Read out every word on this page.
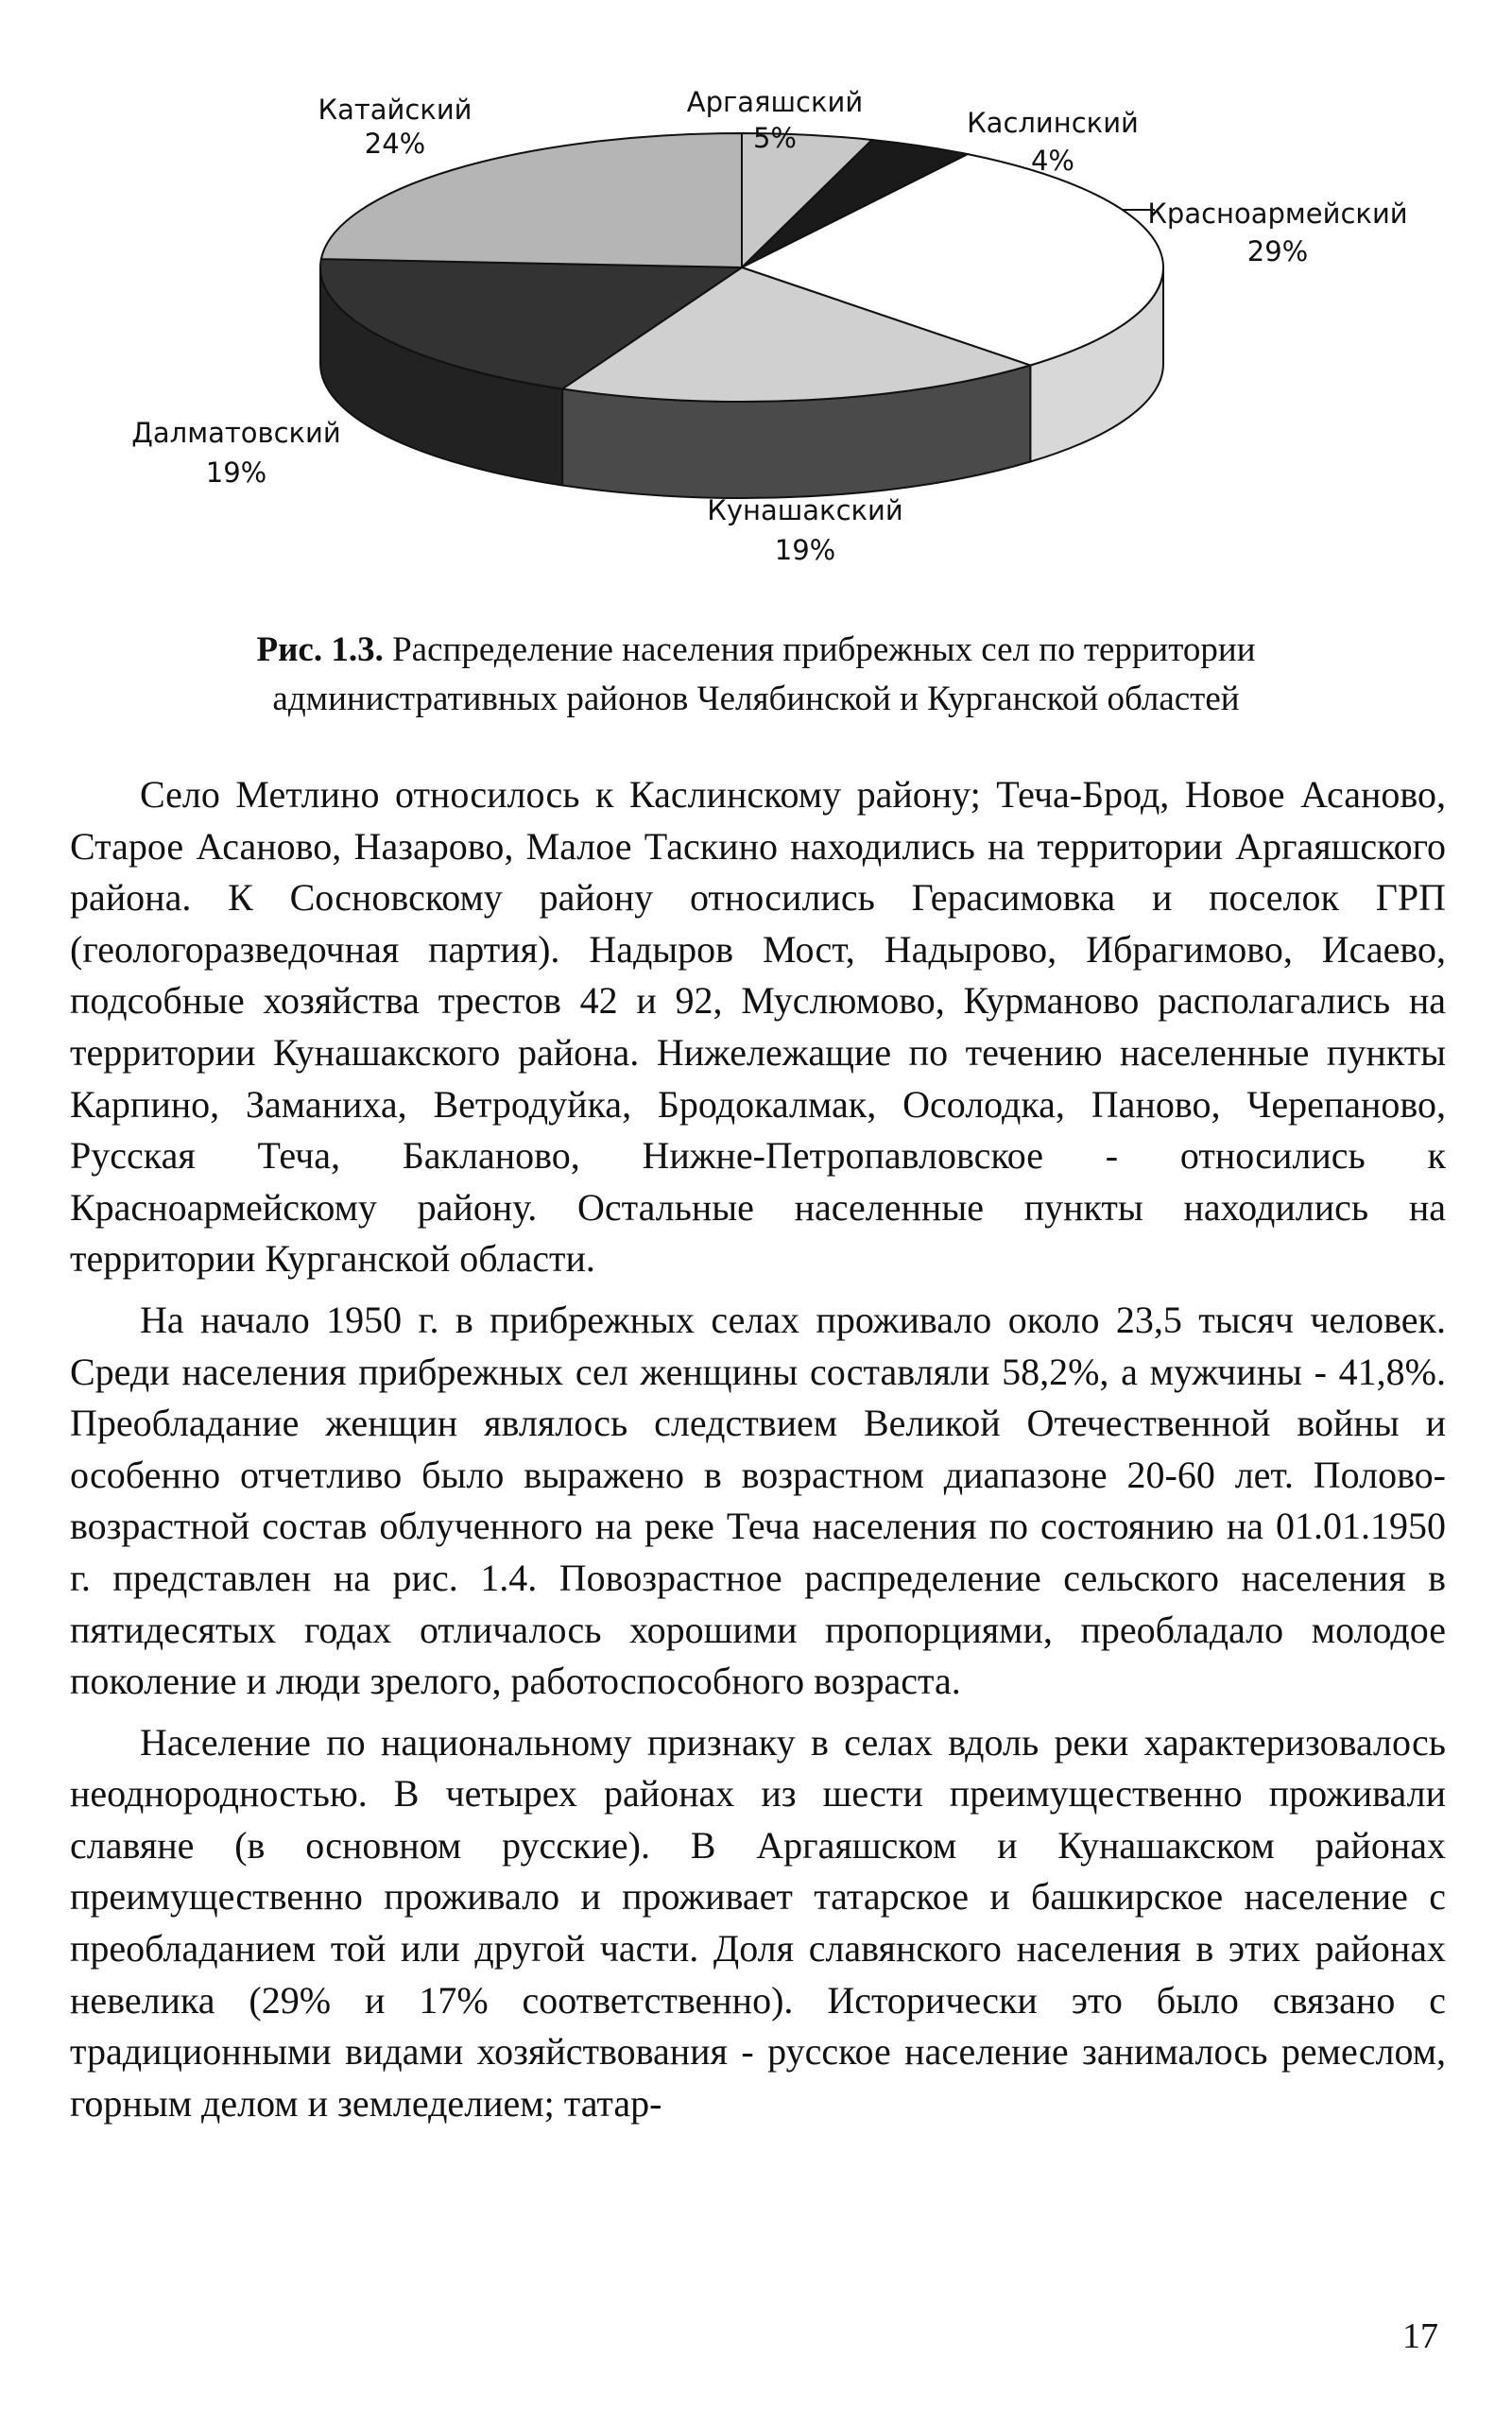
Катайский
24%
Аргаяшский
5%	Каслинский
4%
Красноармейский
29%
Далматовский
19%
Кунашакский
19%
Рис. 1.3. Распределение населения прибрежных сел по территории административных районов Челябинской и Курганской областей

Село Метлино относилось к Каслинскому району; Теча-Брод, Новое Асаново, Старое Асаново, Назарово, Малое Таскино находились на территории Аргаяшского района. К Сосновскому району относились Герасимовка и поселок ГРП (геологоразведочная партия). Надыров Мост, Надырово, Ибрагимово, Исаево, подсобные хозяйства трестов 42 и 92, Муслюмово, Курманово располагались на территории Кунашакского района. Нижележащие по течению населенные пункты Карпино, Заманиха, Ветродуйка, Бродокалмак, Осолодка, Паново, Черепаново, Русская Теча, Бакланово, Нижне-Петропавловское - относились к Красноармейскому району. Остальные населенные пункты находились на территории Курганской области.

На начало 1950 г. в прибрежных селах проживало около 23,5 тысяч человек. Среди населения прибрежных сел женщины составляли 58,2%, а мужчины - 41,8%. Преобладание женщин являлось следствием Великой Отечественной войны и особенно отчетливо было выражено в возрастном диапазоне 20-60 лет. Полово-возрастной состав облученного на реке Теча населения по состоянию на 01.01.1950 г. представлен на рис. 1.4. Повозрастное распределение сельского населения в пятидесятых годах отличалось хорошими пропорциями, преобладало молодое поколение и люди зрелого, работоспособного возраста.

Население по национальному признаку в селах вдоль реки характеризовалось неоднородностью. В четырех районах из шести преимущественно проживали славяне (в основном русские). В Аргаяшском и Кунашакском районах преимущественно проживало и проживает татарское и башкирское население с преобладанием той или другой части. Доля славянского населения в этих районах невелика (29% и 17% соответственно). Исторически это было связано с традиционными видами хозяйствования - русское население занималось ремеслом, горным делом и земледелием; татар-

17
